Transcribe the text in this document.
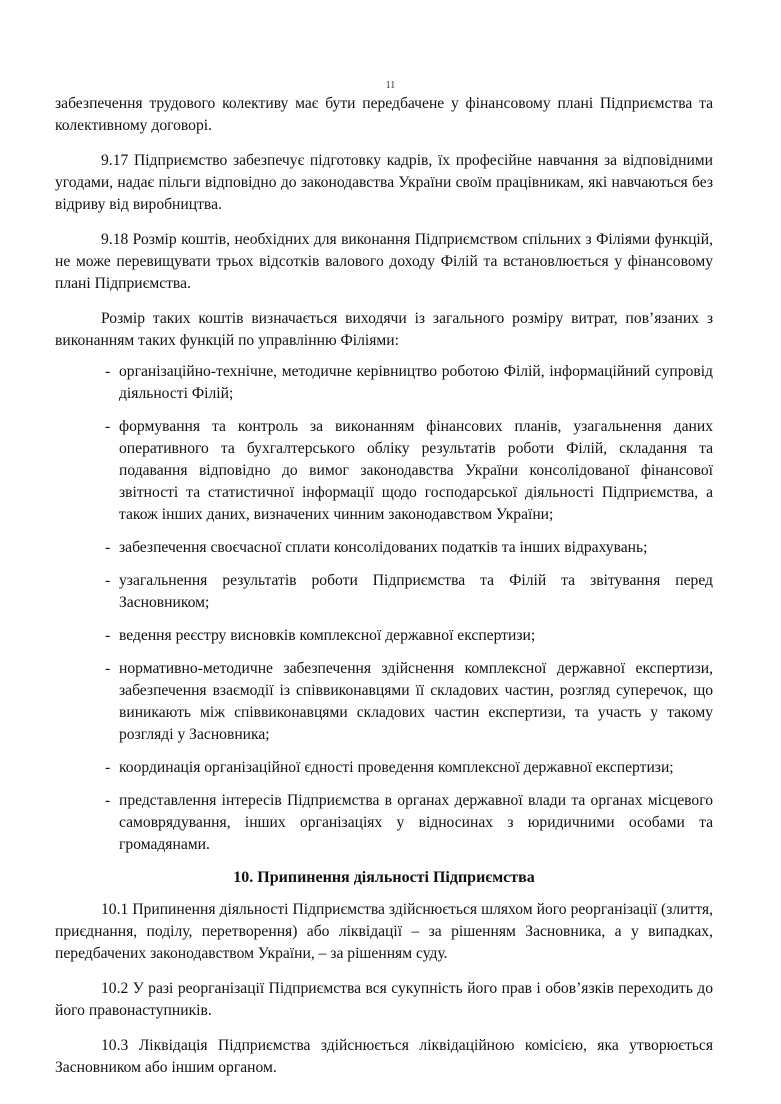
11

забезпечення трудового колективу має бути передбачене у фінансовому плані Підприємства та колективному договорі.

9.17 Підприємство забезпечує підготовку кадрів, їх професійне навчання за відповідними угодами, надає пільги відповідно до законодавства України своїм працівникам, які навчаються без відриву від виробництва.

9.18 Розмір коштів, необхідних для виконання Підприємством спільних з Філіями функцій, не може перевищувати трьох відсотків валового доходу Філій та встановлюється у фінансовому плані Підприємства.

Розмір таких коштів визначається виходячи із загального розміру витрат, пов’язаних з виконанням таких функцій по управлінню Філіями:

- організаційно-технічне, методичне керівництво роботою Філій, інформаційний супровід діяльності Філій;
- формування та контроль за виконанням фінансових планів, узагальнення даних оперативного та бухгалтерського обліку результатів роботи Філій, складання та подавання відповідно до вимог законодавства України консолідованої фінансової звітності та статистичної інформації щодо господарської діяльності Підприємства, а також інших даних, визначених чинним законодавством України;
- забезпечення своєчасної сплати консолідованих податків та інших відрахувань;
- узагальнення результатів роботи Підприємства та Філій та звітування перед Засновником;
- ведення реєстру висновків комплексної державної експертизи;
- нормативно-методичне забезпечення здійснення комплексної державної експертизи, забезпечення взаємодії із співвиконавцями її складових частин, розгляд суперечок, що виникають між співвиконавцями складових частин експертизи, та участь у такому розгляді у Засновника;
- координація організаційної єдності проведення комплексної державної експертизи;
- представлення інтересів Підприємства в органах державної влади та органах місцевого самоврядування, інших організаціях у відносинах з юридичними особами та громадянами.
10. Припинення діяльності Підприємства

10.1 Припинення діяльності Підприємства здійснюється шляхом його реорганізації (злиття, приєднання, поділу, перетворення) або ліквідації – за рішенням Засновника, а у випадках, передбачених законодавством України, – за рішенням суду.

10.2 У разі реорганізації Підприємства вся сукупність його прав і обов’язків переходить до його правонаступників.

10.3 Ліквідація Підприємства здійснюється ліквідаційною комісією, яка утворюється Засновником або іншим органом.
